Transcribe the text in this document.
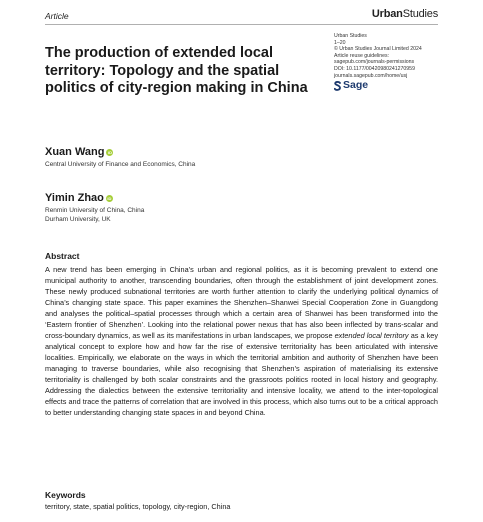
Article	UrbanStudies
The production of extended local territory: Topology and the spatial politics of city-region making in China
Urban Studies
1–20
© Urban Studies Journal Limited 2024
Article reuse guidelines:
sagepub.com/journals-permissions
DOI: 10.1177/00420980241270959
journals.sagepub.com/home/usj
Sage
Xuan Wang
iD
Central University of Finance and Economics, China
Yimin Zhao
iD
Renmin University of China, China
Durham University, UK
Abstract

A new trend has been emerging in China’s urban and regional politics, as it is becoming prevalent to extend one municipal authority to another, transcending boundaries, often through the establishment of joint development zones. These newly produced subnational territories are worth further attention to clarify the underlying political dynamics of China’s changing state space. This paper examines the Shenzhen–Shanwei Special Cooperation Zone in Guangdong and analyses the political–spatial processes through which a certain area of Shanwei has been transformed into the ‘Eastern frontier of Shenzhen’. Looking into the relational power nexus that has also been inflected by trans-scalar and cross-boundary dynamics, as well as its manifestations in urban landscapes, we propose extended local territory as a key analytical concept to explore how and how far the rise of extensive territoriality has been articulated with intensive localities. Empirically, we elaborate on the ways in which the territorial ambition and authority of Shenzhen have been managing to traverse boundaries, while also recognising that Shenzhen’s aspiration of materialising its extensive territoriality is challenged by both scalar constraints and the grassroots politics rooted in local history and geography. Addressing the dialectics between the extensive territoriality and intensive locality, we attend to the inter-topological effects and trace the patterns of correlation that are involved in this process, which also turns out to be a critical approach to better understanding changing state spaces in and beyond China.

Keywords
territory, state, spatial politics, topology, city-region, China
